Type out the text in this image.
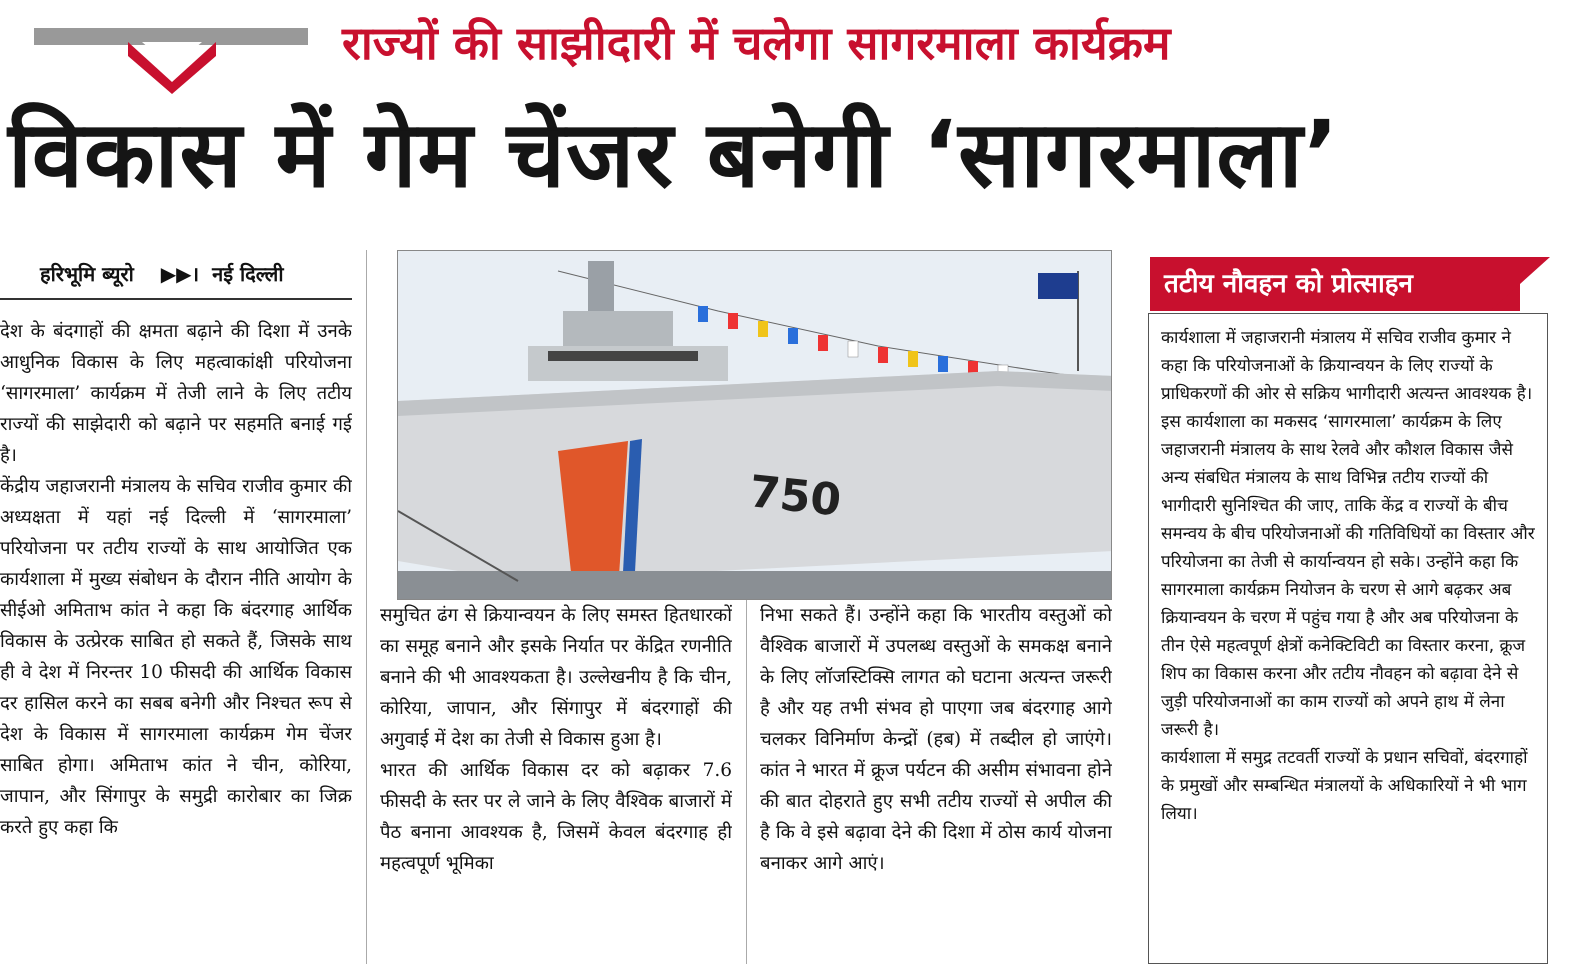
राज्यों की साझीदारी में चलेगा सागरमाला कार्यक्रम
विकास में गेम चेंजर बनेगी ‘सागरमाला’
हरिभूमि ब्यूरो ▶▶। नई दिल्ली

देश के बंदगाहों की क्षमता बढ़ाने की दिशा में उनके आधुनिक विकास के लिए महत्वाकांक्षी परियोजना ‘सागरमाला’ कार्यक्रम में तेजी लाने के लिए तटीय राज्यों की साझेदारी को बढ़ाने पर सहमति बनाई गई है।

केंद्रीय जहाजरानी मंत्रालय के सचिव राजीव कुमार की अध्यक्षता में यहां नई दिल्ली में ‘सागरमाला’ परियोजना पर तटीय राज्यों के साथ आयोजित एक कार्यशाला में मुख्य संबोधन के दौरान नीति आयोग के सीईओ अमिताभ कांत ने कहा कि बंदरगाह आर्थिक विकास के उत्प्रेरक साबित हो सकते हैं, जिसके साथ ही वे देश में निरन्तर 10 फीसदी की आर्थिक विकास दर हासिल करने का सबब बनेगी और निश्चत रूप से देश के विकास में सागरमाला कार्यक्रम गेम चेंजर साबित होगा। अमिताभ कांत ने चीन, कोरिया, जापान, और सिंगापुर के समुद्री कारोबार का जिक्र करते हुए कहा कि

750

समुचित ढंग से क्रियान्वयन के लिए समस्त हितधारकों का समूह बनाने और इसके निर्यात पर केंद्रित रणनीति बनाने की भी आवश्यकता है। उल्लेखनीय है कि चीन, कोरिया, जापान, और सिंगापुर में बंदरगाहों की अगुवाई में देश का तेजी से विकास हुआ है।

भारत की आर्थिक विकास दर को बढ़ाकर 7.6 फीसदी के स्तर पर ले जाने के लिए वैश्विक बाजारों में पैठ बनाना आवश्यक है, जिसमें केवल बंदरगाह ही महत्वपूर्ण भूमिका

निभा सकते हैं। उन्होंने कहा कि भारतीय वस्तुओं को वैश्विक बाजारों में उपलब्ध वस्तुओं के समकक्ष बनाने के लिए लॉजस्टिक्सि लागत को घटाना अत्यन्त जरूरी है और यह तभी संभव हो पाएगा जब बंदरगाह आगे चलकर विनिर्माण केन्द्रों (हब) में तब्दील हो जाएंगे। कांत ने भारत में क्रूज पर्यटन की असीम संभावना होने की बात दोहराते हुए सभी तटीय राज्यों से अपील की है कि वे इसे बढ़ावा देने की दिशा में ठोस कार्य योजना बनाकर आगे आएं।

तटीय नौवहन को प्रोत्साहन

कार्यशाला में जहाजरानी मंत्रालय में सचिव राजीव कुमार ने कहा कि परियोजनाओं के क्रियान्वयन के लिए राज्यों के प्राधिकरणों की ओर से सक्रिय भागीदारी अत्यन्त आवश्यक है। इस कार्यशाला का मकसद ‘सागरमाला’ कार्यक्रम के लिए जहाजरानी मंत्रालय के साथ रेलवे और कौशल विकास जैसे अन्य संबधित मंत्रालय के साथ विभिन्न तटीय राज्यों की भागीदारी सुनिश्चित की जाए, ताकि केंद्र व राज्यों के बीच समन्वय के बीच परियोजनाओं की गतिविधियों का विस्तार और परियोजना का तेजी से कार्यान्वयन हो सके। उन्होंने कहा कि सागरमाला कार्यक्रम नियोजन के चरण से आगे बढ़कर अब क्रियान्वयन के चरण में पहुंच गया है और अब परियोजना के तीन ऐसे महत्वपूर्ण क्षेत्रों कनेक्टिविटी का विस्तार करना, क्रूज शिप का विकास करना और तटीय नौवहन को बढ़ावा देने से जुड़ी परियोजनाओं का काम राज्यों को अपने हाथ में लेना जरूरी है।

कार्यशाला में समुद्र तटवर्ती राज्यों के प्रधान सचिवों, बंदरगाहों के प्रमुखों और सम्बन्धित मंत्रालयों के अधिकारियों ने भी भाग लिया।
